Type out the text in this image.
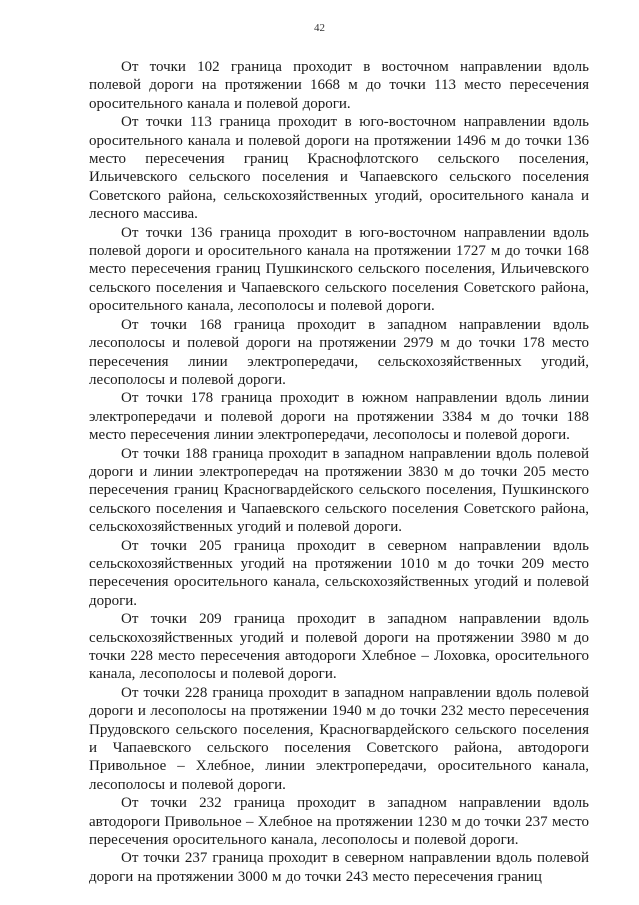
42

От точки 102 граница проходит в восточном направлении вдоль полевой дороги на протяжении 1668 м до точки 113 место пересечения оросительного канала и полевой дороги.

От точки 113 граница проходит в юго-восточном направлении вдоль оросительного канала и полевой дороги на протяжении 1496 м до точки 136 место пересечения границ Краснофлотского сельского поселения, Ильичевского сельского поселения и Чапаевского сельского поселения Советского района, сельскохозяйственных угодий, оросительного канала и лесного массива.

От точки 136 граница проходит в юго-восточном направлении вдоль полевой дороги и оросительного канала на протяжении 1727 м до точки 168 место пересечения границ Пушкинского сельского поселения, Ильичевского сельского поселения и Чапаевского сельского поселения Советского района, оросительного канала, лесополосы и полевой дороги.

От точки 168 граница проходит в западном направлении вдоль лесополосы и полевой дороги на протяжении 2979 м до точки 178 место пересечения линии электропередачи, сельскохозяйственных угодий, лесополосы и полевой дороги.

От точки 178 граница проходит в южном направлении вдоль линии электропередачи и полевой дороги на протяжении 3384 м до точки 188 место пересечения линии электропередачи, лесополосы и полевой дороги.

От точки 188 граница проходит в западном направлении вдоль полевой дороги и линии электропередач на протяжении 3830 м до точки 205 место пересечения границ Красногвардейского сельского поселения, Пушкинского сельского поселения и Чапаевского сельского поселения Советского района, сельскохозяйственных угодий и полевой дороги.

От точки 205 граница проходит в северном направлении вдоль сельскохозяйственных угодий на протяжении 1010 м до точки 209 место пересечения оросительного канала, сельскохозяйственных угодий и полевой дороги.

От точки 209 граница проходит в западном направлении вдоль сельскохозяйственных угодий и полевой дороги на протяжении 3980 м до точки 228 место пересечения автодороги Хлебное – Лоховка, оросительного канала, лесополосы и полевой дороги.

От точки 228 граница проходит в западном направлении вдоль полевой дороги и лесополосы на протяжении 1940 м до точки 232 место пересечения Прудовского сельского поселения, Красногвардейского сельского поселения и Чапаевского сельского поселения Советского района, автодороги Привольное – Хлебное, линии электропередачи, оросительного канала, лесополосы и полевой дороги.

От точки 232 граница проходит в западном направлении вдоль автодороги Привольное – Хлебное на протяжении 1230 м до точки 237 место пересечения оросительного канала, лесополосы и полевой дороги.

От точки 237 граница проходит в северном направлении вдоль полевой дороги на протяжении 3000 м до точки 243 место пересечения границ
